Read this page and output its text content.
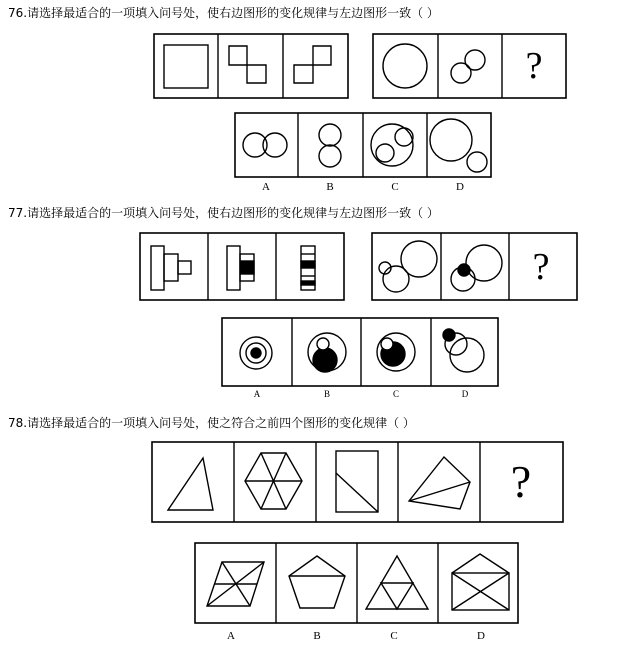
76.请选择最适合的一项填入问号处，使右边图形的变化规律与左边图形一致（ ）
77.请选择最适合的一项填入问号处，使右边图形的变化规律与左边图形一致（ ）
78.请选择最适合的一项填入问号处，使之符合之前四个图形的变化规律（ ）
?
?
?
A	B	C	D
A	B	C	D
A	B	C	D
